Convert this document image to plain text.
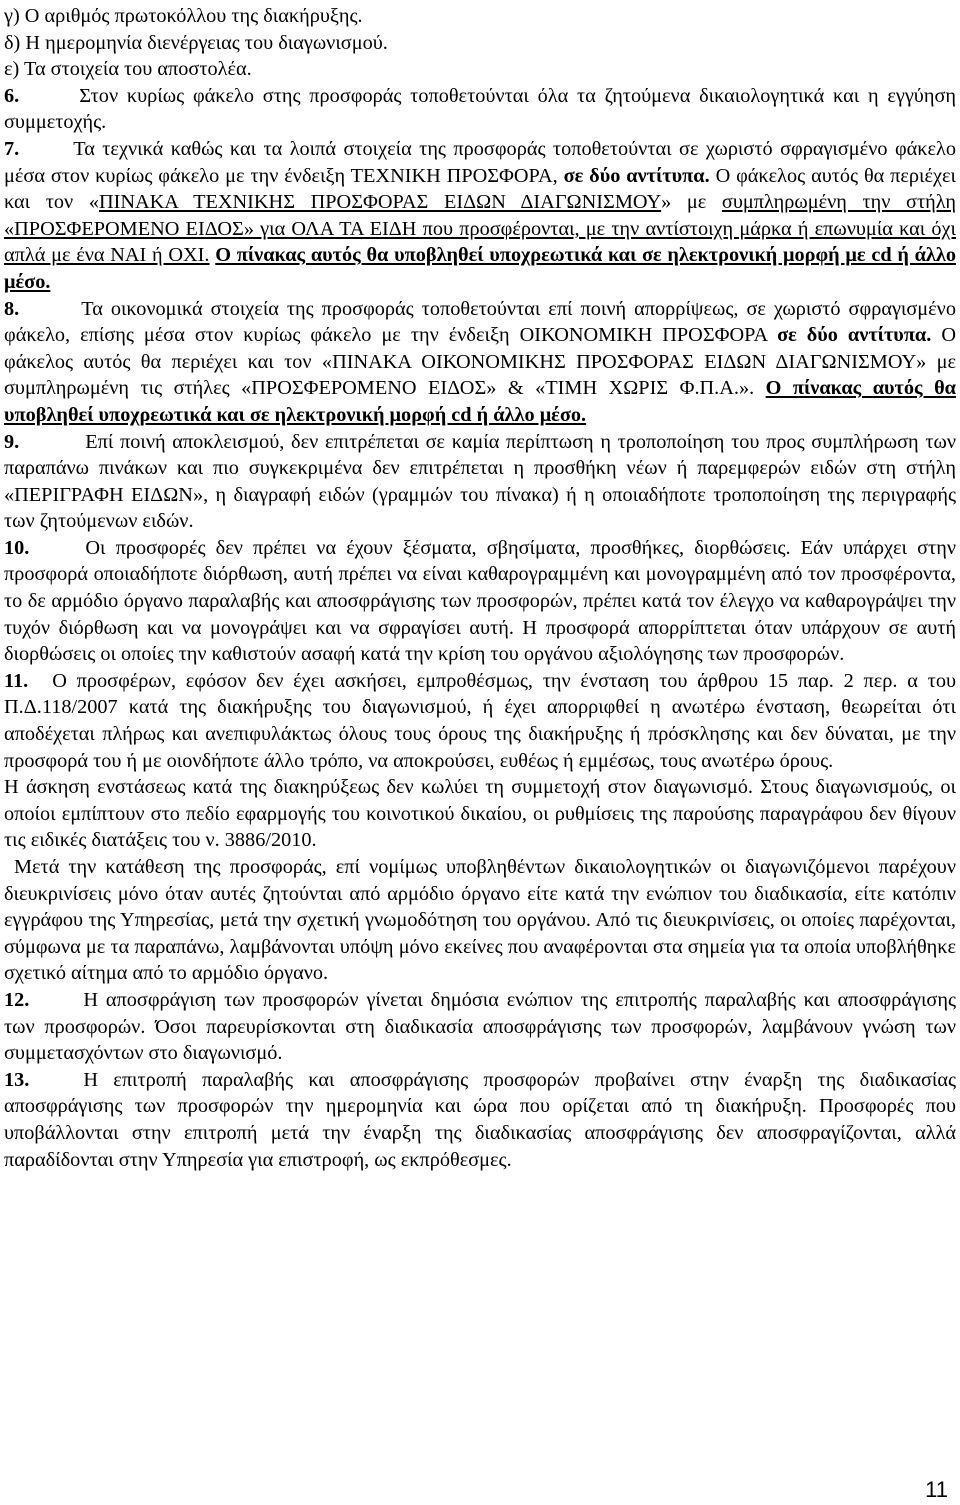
γ) Ο αριθμός πρωτοκόλλου της διακήρυξης.

δ) Η ημερομηνία διενέργειας του διαγωνισμού.

ε) Τα στοιχεία του αποστολέα.

6.	Στον κυρίως φάκελο στης προσφοράς τοποθετούνται όλα τα ζητούμενα δικαιολογητικά και η εγγύηση συμμετοχής.

7.	Τα τεχνικά καθώς και τα λοιπά στοιχεία της προσφοράς τοποθετούνται σε χωριστό σφραγισμένο φάκελο μέσα στον κυρίως φάκελο με την ένδειξη ΤΕΧΝΙΚΗ ΠΡΟΣΦΟΡΑ, σε δύο αντίτυπα. Ο φάκελος αυτός θα περιέχει και τον «ΠΙΝΑΚΑ ΤΕΧΝΙΚΗΣ ΠΡΟΣΦΟΡΑΣ ΕΙΔΩΝ ΔΙΑΓΩΝΙΣΜΟΥ» με συμπληρωμένη την στήλη «ΠΡΟΣΦΕΡΟΜΕΝΟ ΕΙΔΟΣ» για ΟΛΑ ΤΑ ΕΙΔΗ που προσφέρονται, με την αντίστοιχη μάρκα ή επωνυμία και όχι απλά με ένα ΝΑΙ ή ΟΧΙ. Ο πίνακας αυτός θα υποβληθεί υποχρεωτικά και σε ηλεκτρονική μορφή με cd ή άλλο μέσο.

8.	Τα οικονομικά στοιχεία της προσφοράς τοποθετούνται επί ποινή απορρίψεως, σε χωριστό σφραγισμένο φάκελο, επίσης μέσα στον κυρίως φάκελο με την ένδειξη ΟΙΚΟΝΟΜΙΚΗ ΠΡΟΣΦΟΡΑ σε δύο αντίτυπα. Ο φάκελος αυτός θα περιέχει και τον «ΠΙΝΑΚΑ ΟΙΚΟΝΟΜΙΚΗΣ ΠΡΟΣΦΟΡΑΣ ΕΙΔΩΝ ΔΙΑΓΩΝΙΣΜΟΥ» με συμπληρωμένη τις στήλες «ΠΡΟΣΦΕΡΟΜΕΝΟ ΕΙΔΟΣ» & «ΤΙΜΗ ΧΩΡΙΣ Φ.Π.Α.». Ο πίνακας αυτός θα υποβληθεί υποχρεωτικά και σε ηλεκτρονική μορφή cd ή άλλο μέσο.

9.	Επί ποινή αποκλεισμού, δεν επιτρέπεται σε καμία περίπτωση η τροποποίηση του προς συμπλήρωση των παραπάνω πινάκων και πιο συγκεκριμένα δεν επιτρέπεται η προσθήκη νέων ή παρεμφερών ειδών στη στήλη «ΠΕΡΙΓΡΑΦΗ ΕΙΔΩΝ», η διαγραφή ειδών (γραμμών του πίνακα) ή η οποιαδήποτε τροποποίηση της περιγραφής των ζητούμενων ειδών.

10.	Οι προσφορές δεν πρέπει να έχουν ξέσματα, σβησίματα, προσθήκες, διορθώσεις. Εάν υπάρχει στην προσφορά οποιαδήποτε διόρθωση, αυτή πρέπει να είναι καθαρογραμμένη και μονογραμμένη από τον προσφέροντα, το δε αρμόδιο όργανο παραλαβής και αποσφράγισης των προσφορών, πρέπει κατά τον έλεγχο να καθαρογράψει την τυχόν διόρθωση και να μονογράψει και να σφραγίσει αυτή. Η προσφορά απορρίπτεται όταν υπάρχουν σε αυτή διορθώσεις οι οποίες την καθιστούν ασαφή κατά την κρίση του οργάνου αξιολόγησης των προσφορών.

11. Ο προσφέρων, εφόσον δεν έχει ασκήσει, εμπροθέσμως, την ένσταση του άρθρου 15 παρ. 2 περ. α του Π.Δ.118/2007 κατά της διακήρυξης του διαγωνισμού, ή έχει απορριφθεί η ανωτέρω ένσταση, θεωρείται ότι αποδέχεται πλήρως και ανεπιφυλάκτως όλους τους όρους της διακήρυξης ή πρόσκλησης και δεν δύναται, με την προσφορά του ή με οιονδήποτε άλλο τρόπο, να αποκρούσει, ευθέως ή εμμέσως, τους ανωτέρω όρους.

Η άσκηση ενστάσεως κατά της διακηρύξεως δεν κωλύει τη συμμετοχή στον διαγωνισμό. Στους διαγωνισμούς, οι οποίοι εμπίπτουν στο πεδίο εφαρμογής του κοινοτικού δικαίου, οι ρυθμίσεις της παρούσης παραγράφου δεν θίγουν τις ειδικές διατάξεις του ν. 3886/2010.

Μετά την κατάθεση της προσφοράς, επί νομίμως υποβληθέντων δικαιολογητικών οι διαγωνιζόμενοι παρέχουν διευκρινίσεις μόνο όταν αυτές ζητούνται από αρμόδιο όργανο είτε κατά την ενώπιον του διαδικασία, είτε κατόπιν εγγράφου της Υπηρεσίας, μετά την σχετική γνωμοδότηση του οργάνου. Από τις διευκρινίσεις, οι οποίες παρέχονται, σύμφωνα με τα παραπάνω, λαμβάνονται υπόψη μόνο εκείνες που αναφέρονται στα σημεία για τα οποία υποβλήθηκε σχετικό αίτημα από το αρμόδιο όργανο.

12.	Η αποσφράγιση των προσφορών γίνεται δημόσια ενώπιον της επιτροπής παραλαβής και αποσφράγισης των προσφορών. Όσοι παρευρίσκονται στη διαδικασία αποσφράγισης των προσφορών, λαμβάνουν γνώση των συμμετασχόντων στο διαγωνισμό.

13.	Η επιτροπή παραλαβής και αποσφράγισης προσφορών προβαίνει στην έναρξη της διαδικασίας αποσφράγισης των προσφορών την ημερομηνία και ώρα που ορίζεται από τη διακήρυξη. Προσφορές που υποβάλλονται στην επιτροπή μετά την έναρξη της διαδικασίας αποσφράγισης δεν αποσφραγίζονται, αλλά παραδίδονται στην Υπηρεσία για επιστροφή, ως εκπρόθεσμες.

11
